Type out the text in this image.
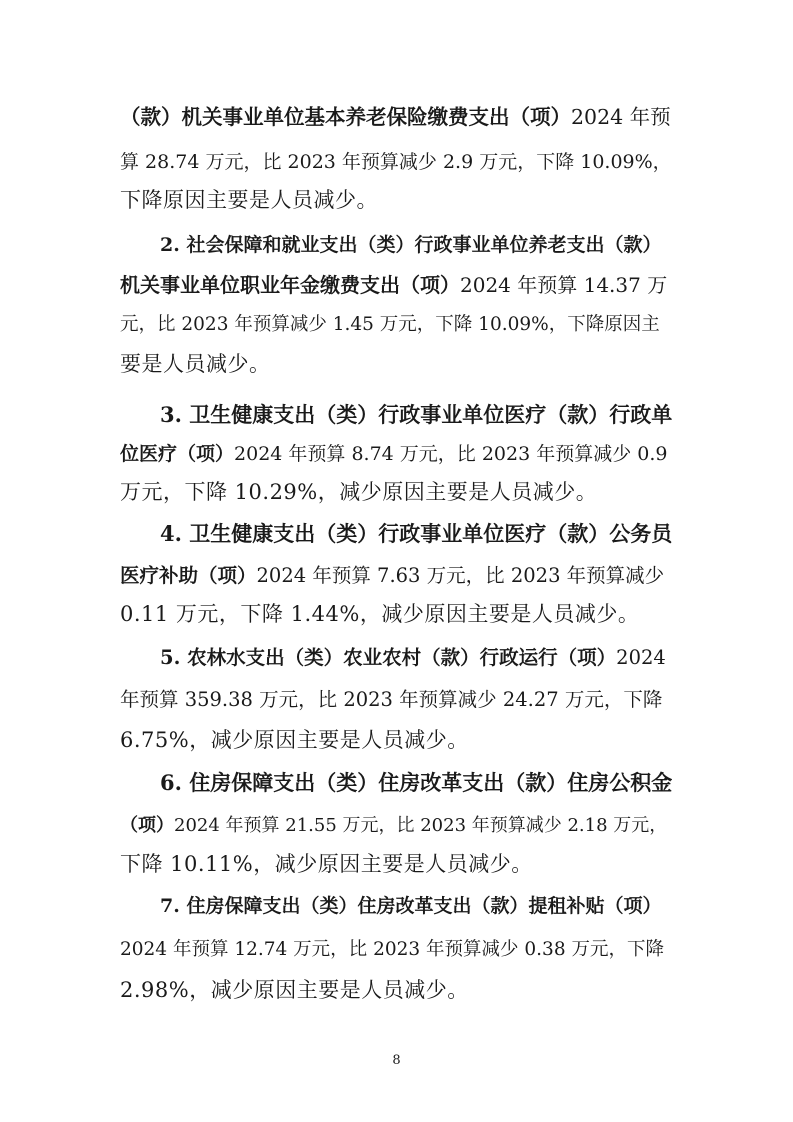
（款）机关事业单位基本养老保险缴费支出（项）2024 年预
算 28.74 万元，比 2023 年预算减少 2.9 万元，下降 10.09%，
下降原因主要是人员减少。
2. 社会保障和就业支出（类）行政事业单位养老支出（款）
机关事业单位职业年金缴费支出（项）2024 年预算 14.37 万
元，比 2023 年预算减少 1.45 万元，下降 10.09%，下降原因主
要是人员减少。
3. 卫生健康支出（类）行政事业单位医疗（款）行政单
位医疗（项）2024 年预算 8.74 万元，比 2023 年预算减少 0.9
万元，下降 10.29%，减少原因主要是人员减少。
4. 卫生健康支出（类）行政事业单位医疗（款）公务员
医疗补助（项）2024 年预算 7.63 万元，比 2023 年预算减少
0.11 万元，下降 1.44%，减少原因主要是人员减少。
5. 农林水支出（类）农业农村（款）行政运行（项）2024
年预算 359.38 万元，比 2023 年预算减少 24.27 万元，下降
6.75%，减少原因主要是人员减少。
6. 住房保障支出（类）住房改革支出（款）住房公积金
（项）2024 年预算 21.55 万元，比 2023 年预算减少 2.18 万元，
下降 10.11%，减少原因主要是人员减少。
7. 住房保障支出（类）住房改革支出（款）提租补贴（项）
2024 年预算 12.74 万元，比 2023 年预算减少 0.38 万元，下降
2.98%，减少原因主要是人员减少。
8
